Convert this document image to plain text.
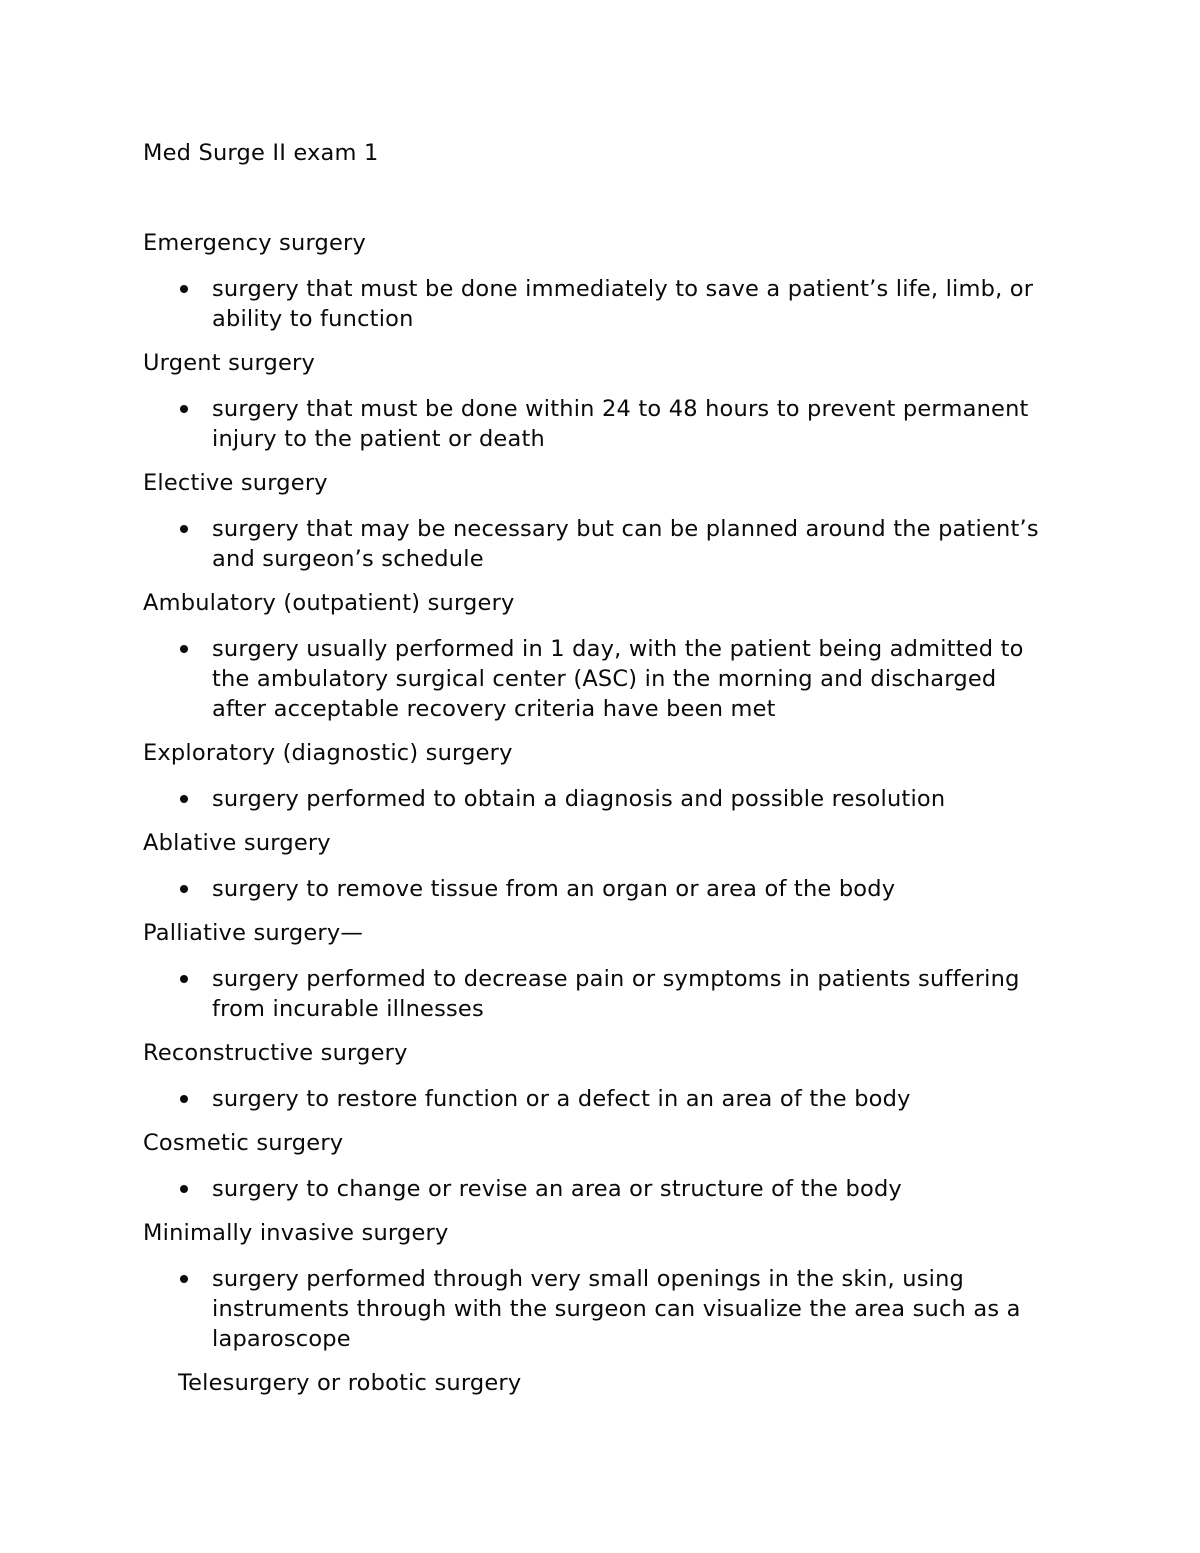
Med Surge II exam 1
Emergency surgery
surgery that must be done immediately to save a patient’s life, limb, or ability to function
Urgent surgery
surgery that must be done within 24 to 48 hours to prevent permanent injury to the patient or death
Elective surgery
surgery that may be necessary but can be planned around the patient’s and surgeon’s schedule
Ambulatory (outpatient) surgery
surgery usually performed in 1 day, with the patient being admitted to the ambulatory surgical center (ASC) in the morning and discharged after acceptable recovery criteria have been met
Exploratory (diagnostic) surgery
surgery performed to obtain a diagnosis and possible resolution
Ablative surgery
surgery to remove tissue from an organ or area of the body
Palliative surgery—
surgery performed to decrease pain or symptoms in patients suffering from incurable illnesses
Reconstructive surgery
surgery to restore function or a defect in an area of the body
Cosmetic surgery
surgery to change or revise an area or structure of the body
Minimally invasive surgery
surgery performed through very small openings in the skin, using instruments through with the surgeon can visualize the area such as a laparoscope
Telesurgery or robotic surgery
